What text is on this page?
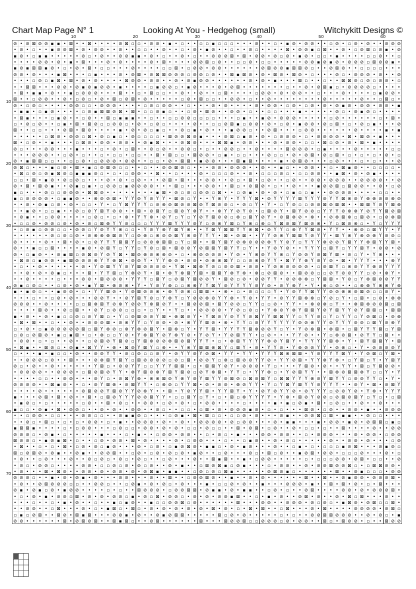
Chart Map Page N° 1	Looking At You - Hedgehog (small)	Witchykitt Designs ©
10	20	30	40	50	60
10
20
30
40
50
60
70
⊘ • ⊘ ⊠ ⊘ ⊘ ▪ ▪ • ⊠ • • ⊠ • • • • ⊘ ⊠ ▫ ▫ • ⊘ ⊘ • ▪ • ▫ • • ▫ ▫ ▪ ▫ ▫ ▫ • • • ⊘ • • ▫ • ▪ ⊘ • ⊘ ⊘ • • ▫ ⊘ • ▫ ⊘ • ⊘ • • ⊘ ⊘ ⊘
• ⊘ • ▫ • • ▪ ⊘ ⊘ ⊠ • ⊘ • ⊘ ⊘ • • ⊘ • • ▫ ▫ • • ⊘ • • ▫ • ⊘ • ▪ ⊘ • • ▫ • • ⊘ ▫ • • • • ⊠ • ⊘ ⊘ ▪ ▫ ⊠ • • ⊘ • ▫ ⊘ ⊠ ▫ ⊘ ▪ • ⊘
▪ ⊘ • ▫ ▪ ▪ • • • • • ⊘ ▫ • ⊘ • • ⊘ ⊘ ▪ ▪ • ⊘ • ▫ • • ⊘ • ▫ • • ⊘ ⊘ ⊘ ⊠ • ⊠ • ⊘ ⊘ • ⊘ ▫ ⊘ • ▪ ⊘ • ▫ ▫ • ▪ • • • • ▫ ▫ ⊘ • • ▫
• • • • ⊘ ⊘ • ⊘ • ▪ • ⊠ • • • ⊘ • ⊘ • • • • ⊘ • ⊠ • • • • ⊘ ⊘ ⊠ ▫ ⊘ • • ▫ ▫ ⊘ • ▫ ▫ • • • • • ⊘ ⊘ ▪ ⊘ ▪ ⊘ • ⊘ ⊘ ⊘ ▫ ⊠ ⊘ ⊘ ▪ •
▪ ⊘ ▪ ⊠ ⊠ ▪ ⊘ • ▫ • ⊘ • ⊠ • ▫ ▫ • • • ⊘ • • • • ▫ ▫ ⊠ • ▫ ⊘ ⊘ • ⊘ ⊘ • • • • • • ⊘ ⊠ ⊘ ⊘ ▪ ⊠ ⊠ ⊘ ▫ • • ⊘ ⊠ ⊘ • • ▫ ▫ ▫ ▫ • • •
⊘ ⊘ • ⊘ • • • ▪ ⊠ • • • ▫ ▪ • • • ⊘ • ⊘ ⊠ • ⊘ ⊠ ⊠ ⊘ ⊘ ⊘ ▫ ⊘ ⊘ ▫ ⊘ • • ⊠ ▪ ⊠ ⊘ • ⊘ • ⊠ ⊘ • ⊠ ⊘ • ▫ • • • ⊘ ▫ • ⊘ ⊘ ⊘ • ⊘ • • ⊘
• • • ▫ ⊘ ▫ ▪ ⊠ • ⊠ • ⊘ • ⊘ • • • • ⊠ ⊘ ⊘ • ⊘ ⊘ • • ⊘ • ⊘ ▪ ⊘ ⊘ • • • • • • ⊘ • ⊘ • ▪ • • • ⊠ ▫ • • ▫ • • ⊠ ⊠ ⊘ ▫ ⊘ ▫ ⊘ ⊘ • ▫
• • ⊠ ⊠ • • • ⊘ ⊘ • ⊘ ▪ ⊘ ▪ ⊘ ⊘ • ▪ • • • • ▫ ▪ ⊘ ⊘ ▫ • ▪ ⊘ • • • ⊘ • ⊘ ⊠ • • • • • • • ▫ • • ⊘ • ⊘ ⊠ ▪ ▫ • ⊘ ⊘ ⊘ ⊘ ▫ • • • •
• ⊠ • ▪ ▪ • ⊘ • • ▪ ▫ ⊘ ⊘ ⊘ • • • ⊠ • • ▫ • ⊠ ▫ ▫ • • ⊘ • • ⊘ • • ▫ ⊠ • • • • ▫ ⊘ ⊘ • ⊘ • ⊘ ⊘ • • ▫ • • • ⊘ • • • • ▫ ▪ ⊘ ⊘ •
⊠ • • ▫ ⊘ ⊘ • • ⊘ • ▫ ⊘ ▫ • ⊘ • ⊠ ▫ ⊘ ⊠ • ⊘ • • • • • ▫ ⊘ • ⊠ ▫ ▫ • • ⊘ ⊘ • ▫ • • ⊘ • • • • • • • • ⊘ • • • • • ⊘ • • ▫ ⊠ ▫ •
⊘ • ▫ ⊘ ▫ • • • • ⊘ ⊘ ▫ ▫ • ⊘ ⊘ ⊘ • • • • ▫ ⊘ ▫ ⊘ ⊘ • • ▫ • • • ⊘ • ⊘ • • • • ⊘ • ⊘ ⊘ • ▫ ⊘ • ▫ ⊘ • ⊘ • ⊘ ▪ ⊘ • ⊘ ⊘ • ⊘ ⊘ • ▪
• ▪ ▪ • ▫ ▪ ⊘ • • • • ▫ ⊘ ▪ ⊠ ⊠ ⊘ ⊠ • ⊠ • ▫ ▫ ⊘ ▪ ▫ • • ▫ ⊘ • ⊠ ⊘ • • ⊘ ⊘ • ▫ • • ▫ ▫ • • • ▪ • • • • • ⊘ ▫ • ⊘ ▪ ⊘ ▫ • • • •
• ⊠ ▪ • • • ▫ ▪ ⊘ • • ▫ ⊘ • • ⊠ ▫ ▪ ▪ ▪ • • ▫ • • ▫ ▫ ⊘ ⊘ ▫ ▫ ▫ ▫ • • • ▫ ▪ • • ▪ ⊘ • ⊘ ⊘ ⊘ • • • • • ▫ ⊘ • • • • • • ▫ • ⊠ •
▫ • ⊘ ▫ ⊘ • • ▫ ▪ • ⊠ • ⊠ ⊘ ▫ ▫ ⊘ ⊘ ▫ • ⊘ • ▫ ⊘ ▫ • • • • ⊘ • • ▫ ▫ ⊘ ⊠ ▪ ▫ ⊘ ⊘ • ⊘ • ▫ ⊘ • ▪ ⊘ ⊘ • ⊘ ▫ ⊠ • ▫ • ⊘ ▫ ▪ • • • ⊘
⊠ • • ▫ ▫ • • • ⊘ ⊠ • ⊠ ⊘ • • • • ▪ • ⊘ • ⊘ ▫ ▪ ▫ • • ⊘ ▫ ▪ • ⊘ • • • ▪ ⊘ ⊘ ▫ • • ⊘ ⊠ • • • ▫ ⊘ ⊘ • • • • • • ⊘ • • • • ▪ • ▪
• • • • • ▫ ⊠ ⊘ • ⊘ ⊘ ▫ ⊠ • ⊘ ▫ ▪ ▫ • ⊘ ▫ ▫ ▫ ▫ • ⊠ ⊘ ⊘ ⊠ ⊘ ▪ • • • ⊘ ⊠ ▫ ▪ ⊘ • ⊘ • ▫ ⊘ ⊘ ⊘ • ▫ • ⊘ ⊘ ⊘ ⊘ • ⊠ • ⊠ ⊘ • ▪ • • •
⊠ • ▫ ⊘ • • ▪ • • • ▫ ⊠ ⊘ • ⊘ ⊘ • ⊘ ⊘ • • ⊘ ▪ ⊠ • • • ⊘ ⊠ ⊘ • • • ⊠ ⊠ ▪ • ⊘ ⊘ • • • ⊘ • ⊘ ⊘ • ▫ ▫ • ⊠ ▫ ⊘ • ⊘ • ⊠ • ▪ • • • •
⊘ ▫ • • • ⊘ ⊘ • • • ▪ • • • ▫ • ⊘ • ▫ ⊠ • • ⊘ ▫ ⊘ • • ⊘ ⊘ ▫ • ▫ • • ⊘ ⊘ ▫ • • ⊘ • • • • ⊠ ⊘ ⊘ ⊘ • ▫ ▪ • • • • ⊘ • • • • • ▫ ▫
• • • ⊘ ⊘ ⊘ • • ▫ ⊘ • ▫ • • ▫ • ▫ ▫ • ▫ ▫ • • ⊠ • ⊠ ▫ ▫ • ⊠ ⊘ ⊘ • ▫ ▪ • ▫ ▫ • • • ⊘ ▫ ▫ • ⊘ • ⊘ ⊠ • ⊘ ▫ ⊠ • ▫ • ▫ • ▫ • ⊘ • ▫
⊘ • ▪ ⊠ ⊠ ▫ ▫ • • ▫ ▫ ⊘ • ▫ ⊘ ⊘ ⊘ • ⊘ ⊘ • • ▫ ▫ • ⊘ • ⊠ ⊠ • ▪ ⊘ ⊘ • • • ⊠ ▪ ⊠ • • • • ▪ • ⊘ ⊠ ⊘ • • • ▫ ⊘ • • • ▫ • ▫ • • • ⊘
⊘ ⊠ ▫ • • • ▪ ▫ ⊘ • ⊠ • ▪ ▫ ⊘ ⊠ ⊘ ▫ ▫ • • ▫ • • ⊘ ⊘ ⊠ ⊘ ▫ • • • ⊘ ⊘ • ⊘ ⊘ ⊘ • • ⊘ • • ▪ ▫ • • ⊘ ⊘ • • ▫ • ⊠ ▪ ⊘ • • ▫ ▫ ▫ ▫ •
• ⊠ ▫ ⊘ ▫ ⊘ ▪ ⊠ ⊘ ▫ ▪ ▪ ▪ ⊘ ▫ • ▫ • ▫ ⊘ ⊘ • • ⊠ • • ▫ • • • ⊘ • ▫ ▫ ▫ ⊘ • • ⊘ • ▫ ▫ ▫ ⊘ ▫ • ▫ ▫ ⊘ ⊘ • • ▪ ⊠ • ⊘ • ⊘ ▪ • • • •
▫ ▫ • ⊠ • ▪ ⊘ • ⊘ ▫ ⊘ ▫ • • • ⊘ • ⊘ • ▫ ⊘ • • • ⊘ ⊠ • ⊠ • • • ⊘ ⊘ • • ⊘ ▫ • ⊠ • ▫ ⊘ • • ▫ ⊘ • • ⊘ ⊘ • ⊘ ⊘ ⊘ • • ⊘ ⊘ ⊘ ⊘ • • ⊘
⊘ • ⊠ • ⊠ ⊘ ▪ • • ⊘ ▪ ▫ ▪ • ▫ ⊘ ⊘ ▫ ▪ ⊘ ⊘ ⊘ ⊘ • • • ⊠ ▫ • • • ⊘ ⊘ • • ⊠ ▫ • ⊘ ⊠ ⊘ • ▫ • • ⊘ • • • ▪ ⊘ ⊘ ⊠ ▫ ⊠ ⊘ ⊘ • • ⊘ • ▫ ⊘
▪ ▫ • • • ⊘ ▫ ▫ ⊘ ⊘ ⊘ • ⊠ ⊠ ⊘ • • • • • • • • ▪ ⊠ • ⊘ ▫ ⊘ ▫ ⊘ ⊘ ▫ ⊠ • • ▫ ⊘ ▪ • ⊘ • ⊘ • ▫ ▪ ▫ ▫ ▪ • • ⊘ ⊘ ⊘ ⊘ • • • • ▫ ▫ • •
▪ ▫ ⊘ ⊘ ⊘ ⊘ • ▫ ▪ ▪ ⊘ • • ⊗ ⊘ ⊘ ⊠ • Y Y ⊘ Y ⊘ Y Y • ⊠ ⊘ ▫ Y • • Y ⊗ Y • Y Y Y ⊠ • ⊘ Y Y Y Y ⊠ Y Y Y ⊘ Y Y ⊠ ⊗ ⊘ Y ⊗ ⊗ ⊘ ⊘ ⊗ ⊘
• • ⊘ • ⊘ ▪ ▫ ⊘ • ⊘ • ▫ ▫ • Y • ▫ Y ⊠ Y Y Y ▫ ⊘ ⊗ ⊘ ⊠ ⊘ ⊘ ⊠ ⊘ Y ⊠ ⊘ ⊘ ▫ • ⊘ ▫ Y • Y • ▫ Y ⊘ ▫ ▫ ⊘ ⊘ ⊠ ⊘ ⊠ ⊠ • • ⊠ ⊠ Y ⊘ Y ⊠ ⊗
• • ▪ ⊘ • ▫ ▫ ▪ • • ⊘ ▫ ⊘ Y ⊠ Y ⊘ ⊘ • • ⊠ • ⊘ ⊠ Y ▫ ⊠ ⊘ Y ⊗ Y • • ⊗ Y Y ⊘ Y ⊘ • ▫ ⊠ ⊘ Y • ⊠ Y ⊘ ⊘ ▫ Y Y Y ⊘ ⊗ ⊗ Y ⊘ Y Y ⊠ ⊘ ⊠
• ⊘ ▪ • • ▫ ⊘ ⊘ • • • • ▫ ⊘ ▫ • ▫ • ⊗ • Y Y ⊗ • ⊘ Y ▫ Y ▫ Y ⊘ Y ⊠ ⊘ ⊘ ▫ ⊗ ▫ ⊠ Y ⊘ Y • ⊘ ⊠ ⊗ ⊘ • ⊗ • • ⊘ ⊗ ⊠ ⊗ ▫ ⊠ ⊘ • ▫ ⊘ ⊗ ⊠
• ▫ ▫ ⊘ • ⊘ ⊘ ▫ ⊘ • ⊘ • ⊘ ▫ ⊠ ⊗ Y Y ⊘ ▫ ▫ ▫ Y Y Y ⊠ Y Y Y ⊘ Y ▫ ⊘ ⊗ Y ⊠ ▫ Y ⊗ ▫ ⊗ ▫ Y ⊠ ⊘ ⊠ Y ⊠ ⊘ ⊗ • Y ▫ ⊠ ⊘ ⊗ ▫ • Y ▫ Y Y Y
• ▫ ⊘ ▪ ▫ ⊘ ⊘ ▫ ▫ • ⊘ ⊘ ▫ Y ⊘ Y Y ⊗ ▫ ▫ • Y ⊘ Y ⊗ Y ⊠ Y ⊗ • • Y ⊠ Y ⊠ ⊠ Y Y ⊗ ⊠ • ⊘ Y Y ▫ ⊗ Y Y ⊠ ⊘ • Y Y • • ⊗ ⊘ ▫ ⊠ Y Y • Y
• • • • • • ⊘ ▫ ⊘ ▫ ⊘ • ⊘ ⊗ ⊗ ⊗ ⊠ ⊘ Y ▫ ⊘ ⊗ ▫ ⊗ ⊘ ⊘ ⊠ Y ⊗ ⊘ Y Y Y • ⊠ • ⊘ ⊠ • • Y Y ⊘ ⊗ Y ⊠ ⊠ Y ⊘ Y Y • ⊠ Y ⊗ Y ⊗ ⊘ ⊗ Y ⊘ ⊘ ▫
⊘ • • • • ⊘ • • ⊠ • ⊘ • ▫ ⊘ Y Y Y ⊠ ⊠ Y ▫ ⊘ ⊘ ⊗ ⊠ ⊠ ▫ Y ▫ ⊠ • • ⊠ Y ⊠ Y ⊘ ⊗ ⊘ ⊘ ⊘ ⊗ Y Y ⊘ Y ▫ Y Y Y ⊗ ⊘ ⊘ Y ⊠ Y Y ⊗ ⊠ Y Y ⊠ •
⊘ • • ▪ ▫ ▫ ⊠ • • • • ▪ ⊘ • ⊘ ⊠ Y ▫ Y Y ▫ Y ⊘ ▫ ⊠ • ⊠ ⊘ ⊘ Y ⊘ ⊠ ⊠ Y ⊠ Y Y ▫ Y • • Y ⊘ Y ⊘ • • Y Y Y ▫ ⊠ Y ▫ Y Y ⊠ Y • ⊘ ⊘ • ⊘
⊘ • ▫ ▪ ⊘ • • ⊘ ▪ ⊠ ▫ ⊘ ⊠ ⊘ Y ⊘ Y ⊠ • ⊠ ⊘ ⊗ ⊘ ⊗ ⊗ ⊘ • ▫ • ⊗ ⊘ ⊘ ⊘ ⊘ • Y ⊘ • Y ⊗ ⊘ Y Y ⊗ ▫ Y ⊘ ⊘ Y ⊘ ⊠ Y ⊠ • ⊘ ▫ Y • Y ⊗ • • •
• ⊠ ⊘ ▫ ▪ ⊘ ⊘ • ▪ ⊠ ⊘ ⊘ ⊘ ⊗ Y Y ⊗ ⊠ • ⊘ ⊘ Y • Y Y ⊗ ⊘ • ⊘ ⊘ • ⊘ ⊗ ⊗ ⊠ Y ▫ ▫ ⊘ ⊗ ⊘ Y Y • ⊠ Y Y ⊗ Y ⊘ Y ⊘ • ⊠ • Y Y Y • • • ⊗ Y
• ▫ • • ⊘ • • • • • • ⊘ • Y ⊘ ⊠ Y Y ⊘ Y ⊠ ⊘ ⊘ ⊘ ⊘ • Y ⊠ • ⊠ ⊗ Y ⊘ ▫ ⊘ ⊘ ⊠ • ⊘ ⊘ • Y ⊘ ⊗ ⊘ ⊘ ⊘ ⊘ • ▫ ⊘ ⊠ Y ▫ ⊗ ⊘ Y Y ⊗ ⊘ Y Y Y
• • ⊘ • ⊘ • ⊘ ▪ ▫ • • • ⊠ • Y Y ⊠ ▫ Y ⊗ ⊘ Y • ⊠ • ⊗ Y ⊗ ⊠ Y ⊠ • ⊠ ⊠ Y ⊗ Y ⊗ • ⊗ ▫ ⊘ ⊠ ⊘ • • ⊠ ⊘ ⊘ ▫ ▫ ⊘ Y ⊘ ⊘ Y Y ▫ ⊘ • ⊗ Y •
• • ⊘ • • • • ▫ • • • ⊘ ⊘ • ⊠ ⊘ ⊘ ⊘ • Y Y Y ▫ ⊠ Y ▫ ⊘ ⊠ Y ⊠ ⊘ ⊘ Y • ⊠ ⊘ ▫ ⊘ • ⊘ ⊘ Y Y • ⊘ ⊘ ⊗ ⊗ ▫ Y ⊠ ⊠ • Y ⊘ ▫ Y ⊗ ⊠ ⊘ ⊘ Y Y
⊘ ▪ ▫ ⊘ ▫ • • ▫ ⊘ • ⊘ • ▪ Y ⊠ • ⊗ ⊘ ⊗ • Y • Y ⊘ Y ⊗ ▫ ▫ ⊗ ⊗ Y Y ⊠ Y ⊘ Y Y Y Y ⊘ Y ⊘ • ⊘ Y ⊗ Y • Y • ⊗ ▫ ⊘ • • ▫ ⊗ ⊗ Y ⊗ ⊗ Y ⊗
▪ • ▪ ⊘ ▫ • • ▪ ⊘ ⊘ • ▫ • Y Y ⊠ ⊘ • Y ⊘ ⊠ ⊘ ⊘ ⊗ • ⊗ Y ⊘ ⊗ ▫ ⊠ ⊠ • • ⊗ • ▫ • ⊘ ▫ ▫ ▫ Y • Y ⊘ Y Y ⊠ Y Y ⊘ ⊘ ⊗ ⊗ ⊘ ⊠ ⊘ ▫ ▫ ⊘ Y •
• • • ▫ • • ▫ ⊘ • ⊘ • • • ⊘ ⊘ Y • • ⊘ Y ⊠ Y ⊘ ▫ Y ⊗ Y ▫ Y ⊘ ⊘ ⊗ ⊘ Y Y ⊗ • Y ⊘ • Y Y • ⊘ Y Y ⊠ ⊗ ⊗ ▫ Y ⊘ ▫ Y • ▫ ⊠ • ▫ ⊘ • ⊗ ⊗
⊘ ⊘ ⊘ • • ⊘ • • • • ▫ ▫ ⊠ ⊗ ⊠ Y ⊘ ⊗ Y ⊘ ⊘ Y ⊗ ⊠ ⊘ Y • • ⊠ ⊘ ⊘ ⊠ • ⊠ Y ⊘ ⊘ ▫ Y Y ▫ ▫ ⊘ • Y Y • • ⊗ ⊘ ⊗ ▫ Y • • ⊗ ⊠ ⊗ ⊘ ⊘ ⊠ ▫ ⊠
• • • • ⊠ ⊘ • • ⊘ ▫ ⊠ • • ⊘ Y ▫ ⊘ ⊘ ▫ ▫ ▫ • ▫ Y • • Y ▫ • • ⊘ ⊘ ⊘ ⊘ • Y ⊘ ▫ ⊘ ▫ • Y ⊗ ⊘ Y ⊗ Y ⊠ ⊠ Y ⊘ Y ⊠ Y Y ⊘ Y ⊠ ⊠ ▫ • ⊠ ⊠
▪ • ⊘ • • ⊘ • ▪ ▫ ▫ ⊘ ▫ ⊘ Y ⊠ ▫ • Y ▫ ⊘ ⊠ ⊘ ⊘ Y ⊠ • ⊗ ⊠ ⊘ Y • Y ⊠ ⊘ Y ⊘ Y Y ⊘ ⊠ Y Y ⊠ ⊠ Y Y ▫ Y Y ⊘ ▫ Y ▫ Y Y ▫ Y ⊘ ⊠ ▫ • ⊘ ⊗
• ⊠ • ⊠ • • ▫ • • ⊘ • • ⊘ ⊘ ⊘ ⊠ • ⊘ ⊗ Y Y ▫ Y ⊘ ⊘ • ⊘ • ⊗ Y Y ⊠ ⊘ • ⊗ • Y Y ▫ ⊘ Y Y Y Y Y Y ⊘ ⊘ ⊗ Y Y ⊘ Y Y Y ⊘ ⊘ ▫ ⊠ Y ⊘ ⊗ Y
▫ • ⊘ • ▫ ▪ ⊘ ⊘ ⊘ ⊘ ⊘ ⊠ ▫ ⊠ Y ⊗ ⊘ ▫ ⊗ Y ⊗ ⊘ ⊠ Y • ⊠ ⊗ ▫ Y • Y Y ⊠ • Y Y Y Y ⊠ ⊗ ⊘ ⊘ Y ▫ Y • Y ⊘ ⊗ ⊠ • ⊗ ⊠ • ▫ ⊠ Y Y Y ⊠ ▫ Y ⊠
▫ ⊘ ▫ ⊘ ⊠ ⊘ • ▪ ▫ ▪ ⊠ • ▫ • ⊗ ▫ ▫ Y ⊘ • Y ⊗ ⊠ Y ⊘ Y ⊗ Y ⊘ • Y ⊘ Y • Y ⊘ ⊠ Y Y • ▫ ⊘ • • • Y Y ⊘ • • Y ▫ ⊗ ⊘ ⊠ • ⊘ Y Y ▫ ⊠ • •
• ⊘ ⊘ • ▫ • ▫ • • ⊘ • • ▫ ⊘ ⊠ ⊘ Y ⊠ ⊘ ▫ Y ⊠ ⊗ ⊘ ⊘ ⊗ ⊠ ⊘ ⊠ Y Y Y • ▫ • ⊗ ⊠ Y Y Y Y ⊗ ⊘ Y ⊠ Y • Y Y Y Y ⊠ ⊗ • Y • ⊠ Y ⊠ ⊠ Y • ⊠
• ⊠ ▪ • • ⊠ ⊘ ▫ • ⊘ ▪ • ⊠ Y Y • ⊗ • ⊠ ⊘ Y ⊠ Y ▫ ⊗ • • Y ⊗ Y ⊠ ⊠ ⊗ ⊠ Y ▫ ⊠ Y • ⊘ • Y Y ⊘ • Y ⊗ ⊘ ⊘ Y Y • ⊘ ⊗ ▫ • Y • ⊘ ⊘ ⊘ ⊘ Y
▫ • • • ▪ • ▪ ▫ ▫ • ⊘ • • ⊘ ⊘ Y Y • ⊘ ▫ ⊘ ▫ ▫ ⊘ Y • ⊘ Y Y ⊘ Y ⊘ ⊠ • Y Y • Y Y • Y Y Y ⊠ ⊗ ⊠ ⊠ • Y ⊘ Y Y Y ⊠ Y • Y ⊘ ⊠ ▫ Y ⊠ •
• • ⊘ ⊘ ⊘ ▫ ⊘ • • ⊠ • • • ⊘ ⊗ ⊠ Y ⊠ Y ▫ ⊠ ⊘ ⊘ ⊘ ⊘ ▫ ⊘ ▫ ⊠ • ⊘ ⊘ Y ▫ ⊗ ▫ ⊠ ⊘ ⊘ Y Y ⊘ • Y Y ⊘ ⊠ • Y Y ⊗ Y ⊗ • ▫ Y ⊠ ▫ Y • Y ⊠ Y
⊘ ▫ • ⊘ • • ⊘ • • • • • • Y ⊠ ▫ • ⊘ ⊘ Y Y ▫ ▫ Y Y Y ⊠ ⊠ • ▫ • ⊠ ⊠ Y ⊘ Y • ⊘ ⊘ ⊘ • Y ▫ • • • Y ⊠ ⊘ • ⊘ • • Y Y • ⊠ ▫ Y ⊠ ⊘ ⊘ •
• ⊘ ⊘ ⊘ ⊘ • • ⊘ ⊘ ⊘ • ▫ ⊠ ⊘ ⊠ ⊘ Y Y • ⊗ Y ⊠ ⊘ ⊗ Y ⊠ Y ⊠ ⊘ ▫ ⊘ Y ⊗ ⊠ • Y Y ▫ • Y Y ⊗ ▫ • Y ⊘ ⊠ Y Y • • ⊠ ⊗ ⊘ ⊠ ⊠ ⊗ Y ▫ ▫ Y • Y
• • • • ▫ ▫ • • ⊘ ⊘ • • • ⊘ Y ▫ • ⊘ ⊠ Y ⊗ • ⊗ ⊗ ⊠ ⊘ Y ⊗ Y ⊘ Y ⊠ Y Y ⊘ ⊠ ⊘ ▫ ⊠ ⊘ ⊠ Y ▫ ⊠ ⊠ Y Y Y ⊗ ⊘ Y ⊠ Y Y ▫ ⊘ ⊘ Y Y ▫ • Y •
⊘ ⊘ ⊘ ⊘ • • ⊠ ▪ ⊘ • • ▫ • ⊘ Y ⊠ ⊗ • ⊘ ⊠ Y Y • ▫ ⊗ ⊘ ▫ Y Y ⊠ • ⊘ • ⊘ ⊘ • ⊗ ⊘ Y Y • Y ▫ Y ⊠ Y ⊠ Y Y ⊘ Y Y Y • • ⊘ Y • ⊠ • ⊘ ⊠ Y
• • • • ⊘ • • • • • • ⊘ ⊠ ⊘ ⊘ Y ⊠ ⊘ Y Y ⊘ ⊗ Y • • ⊠ • Y ⊘ Y Y ⊠ • Y Y ⊠ Y • Y • ⊘ Y ⊘ Y Y ⊘ • ⊘ Y Y Y ▫ ⊘ ⊘ Y ⊘ • Y ⊗ • Y Y Y
▪ • • • ⊘ ⊠ • ⊠ • ⊘ • • ⊠ • ▫ ⊠ ⊘ Y Y Y ⊘ ⊘ ⊠ Y Y • ▫ ▫ ⊠ Y ▫ Y • ▫ • ⊠ ▫ ⊗ Y Y Y Y • Y ⊗ • ⊠ ⊘ Y ⊘ ⊘ ▫ ⊘ ⊠ ⊘ ⊠ Y ▫ Y ▫ • ▫ ⊠
• ▪ ⊘ ▫ • ▫ • • • • • ▫ ⊘ • • ⊠ • ⊘ ▫ • • ⊘ ⊘ • ▫ ⊘ • ⊘ • ▫ • ⊘ ⊘ • • • • ▫ • • • • ▪ • ▪ ▫ ⊘ ▪ • ⊠ • ▫ ⊘ ▫ • • ⊘ • • ⊘ • • •
▪ ▫ ▫ • ⊘ ▪ • ⊠ • ⊘ ⊘ ▫ • • ⊘ • ⊘ • • ⊘ ⊘ • • ⊘ ▫ • • ▫ ▫ • ▫ ⊠ • ⊘ • ⊘ ⊘ ⊘ ▪ ⊘ • ▫ • ▫ • • • ⊠ ⊘ • ▫ ⊘ • • ⊘ ⊘ • ▪ • • ⊘ ⊘ ⊘
• • ▫ ⊘ ⊘ • ▫ ▫ • • • ⊘ ⊘ ▫ ▫ • • ⊘ ▪ ▪ ⊘ ▫ • • • ▫ ⊘ ▪ • ⊠ • ⊠ ▫ ▫ • ▫ ▫ ⊘ • ⊘ • • • ⊘ ▪ • • ⊘ ⊘ ⊠ ▫ ⊠ • ▪ ▪ • • ⊘ ▫ ▫ • • •
• • ⊘ ▫ • ⊠ ▫ • ▫ • ▫ • ⊘ ⊘ • ▫ • ▪ • • ⊘ ⊘ ⊘ • ⊘ • • ⊘ • • ⊘ ⊘ ⊘ ⊘ • ⊘ ▫ ⊘ ⊘ • • • ⊘ • ▪ ▪ • • • ▪ • ⊘ ⊘ • ▪ ⊘ • ⊘ ⊠ ⊠ ▫ ▪ ▫
▪ ⊠ ⊠ ▪ • • • • ▫ • ▫ ⊘ ⊘ • • • ▫ ⊘ ▫ ▫ • ⊘ ⊘ • ⊘ • ⊘ • ▫ ▫ • ⊘ ▫ ▫ • • ⊠ • ⊘ ⊠ • ▫ ⊘ • • ⊘ • ▫ ▫ • ▫ • • ⊠ • • • • ⊘ • • ⊘ ⊘
⊘ ⊘ ⊘ ▫ • ⊘ ▪ • ▫ • • • • • ▪ • • • ▫ • ▪ • • ▫ ⊘ ⊘ • ⊘ ⊘ • • ▫ • ⊘ ▫ • ▪ • • • ⊘ ⊘ • ⊘ ⊘ • • ▫ • ⊘ ⊘ ⊘ • • • ⊘ • ⊘ ⊘ • ▫ ⊘ ⊘
⊠ ⊘ ⊘ ▫ • ▪ ⊘ ▪ ⊠ • ▫ • • ▫ ⊘ • ⊘ ⊘ • ⊠ • ⊘ • • • • ⊘ • ▫ ⊘ ⊘ • • • ▫ • • ▫ ▪ ⊘ • • ⊘ • ⊘ ▫ • • • • • ⊘ • • ⊘ ⊘ • ⊘ • • • ▫ ⊘
• ⊠ • • ▫ • ▫ • ⊠ • ▫ ⊘ • ⊘ ▫ ▪ ⊘ • • • ⊘ • ▫ ⊘ • ▫ ▪ ⊘ ⊠ ⊘ • ▪ ▪ ▫ • ⊘ • ▪ ⊘ • • • ⊘ • • ▫ ▪ • ▫ • ▫ ▫ ▫ ▪ ⊘ ⊠ • • • ⊘ ▪ ⊘ ▫
⊠ ▫ ⊘ ⊠ ⊘ • ⊘ ▪ • • ⊘ ▪ • • ⊘ ⊘ ⊠ • • ▫ ⊘ • ▫ ⊘ • ⊘ ▫ ⊘ • ▪ ⊘ • • ▫ ⊘ • • • ⊘ ▫ • ⊠ ▫ ⊘ • • ▪ ⊘ ⊠ • ⊘ ⊘ • ▫ ▫ ▫ ⊘ • • • ⊘ • ▫
• ⊘ • • ▫ ⊘ • • • ⊘ • • ⊘ ▫ ⊘ ▫ • ⊘ ▫ • ⊘ ▫ • • ▫ ⊘ • • • ⊘ • • ⊠ ▪ ⊠ • • ▪ • ▫ ⊘ ⊘ • • • • • ▫ • ▫ ▫ ▫ ⊘ ⊘ • ⊘ ⊠ • ▫ ▫ • • ⊘
• ⊘ ▫ • ⊘ ⊘ ▫ • • • • ⊘ ⊘ • ▫ ▫ ⊘ ▫ ⊘ • ⊘ ▫ ⊘ • • ⊘ • ▪ • • ▫ ⊠ ⊘ ⊠ ▪ ▫ ⊘ ▪ • • • ▫ • ⊘ ⊘ • • ⊘ • ⊘ ⊘ ⊠ ⊘ ⊘ ⊠ ▫ • ▫ ⊠ ⊠ ⊘ ⊘ •
• ⊘ • • • ⊠ • ⊠ ⊘ • • ⊘ ⊘ • ⊘ • ⊘ ⊘ • ⊘ • ⊘ ⊠ ▪ • ▪ ▪ • • ▫ ⊘ ▫ ⊘ ▫ ⊠ ▪ • • • • • ⊘ ⊠ ⊘ ▪ ▫ • • • • • • ⊠ • • ⊘ ▪ ▫ ▫ ▫ • ⊘ ⊘
⊘ ⊘ ⊘ ▫ • • ▪ • ⊘ • ⊘ ▪ • ⊘ • • • ⊘ ⊘ • • • ⊘ • • ⊠ • • ▫ ⊘ ⊘ ⊠ ⊘ • • ▪ • • ⊘ • ⊘ • • • • • • ⊠ • • ⊠ • • ⊘ ▪ ⊘ ⊘ • ⊘ ⊘ ⊘ ⊠ •
• ⊘ • • ⊘ ⊠ ⊘ ⊘ ⊘ ▫ ▫ • • ⊘ ⊘ ▫ • • ▫ ⊘ ▪ • ⊘ • ⊘ ▫ • ⊘ • • • ▪ • ▫ ▫ ⊘ • ⊘ • • ▪ • • • ⊘ ⊘ ⊘ • ▪ • • ⊠ • ⊠ • ⊘ • ▫ • ⊠ • • •
⊘ ▪ • ⊘ ▪ ▫ ⊘ • ▪ ⊘ ⊘ • • • • ▫ • ▫ • • ⊠ ⊘ ⊘ ⊘ • ▫ ⊘ ⊘ ⊠ ⊠ • ⊘ ▪ ▪ • ⊘ • ▪ ▪ • • ▫ ⊘ • ▫ • • ⊘ ⊠ • • • • ⊘ ⊘ • ⊘ • ⊘ ⊘ ⊘ ⊠ •
• ▫ • ⊘ • ▪ • ⊘ ⊘ ▫ ⊠ • ⊘ • ⊘ • ⊘ ⊘ ▫ ▪ • ⊘ ▫ ⊠ • ⊘ ⊘ ▫ • ⊘ • ⊘ • ⊘ ⊘ ▪ ⊠ • • ▫ • ▪ • ⊘ • • ⊘ ⊠ • ⊘ • • ⊘ • ⊠ ▫ ⊠ • • • ⊘ • •
• • • ▫ • • ▫ • ▪ • ⊘ • • ▫ • • ▪ ▫ ▪ ⊘ • • ▪ ▫ ▫ ⊘ ⊘ ⊠ ▫ ⊘ • • • • • • ⊠ • • • ⊘ ⊘ • • ⊘ ⊘ ⊘ • ⊘ ▫ ⊘ ▫ • ▪ ⊠ ⊘ • ⊘ ⊠ ▫ ▫ ⊠ •
• • ⊘ ⊘ • • ▫ ⊠ • • • ⊘ • ▫ • ▪ ⊠ ▫ • ⊠ ▫ • ⊘ • ⊘ • ⊘ • ⊘ • ⊘ • ⊠ • ⊘ • ▫ • ⊠ • ⊠ • • ▫ ⊠ • • • ⊘ • ⊠ • • • • ⊘ ⊘ ⊘ ⊘ • ⊘ ⊠ ▫
▫ ▪ ▫ ⊘ ⊠ • • ⊠ ⊘ • ⊠ ▪ ⊠ • • • ⊘ ⊘ ▪ • ⊘ • • ⊘ ▪ ⊘ ⊠ ⊠ • • • • • ⊠ ▫ ⊘ • ⊘ • • • • • ▫ • ▫ • • ⊘ ⊘ ⊠ ⊠ ⊘ ⊘ ⊘ • • ⊘ • ⊘ ▫ • ▪
⊘ ⊘ • • • • • • ⊠ • ⊘ ⊠ ⊘ ⊠ • • ⊠ ▪ ⊠ ▫ • • ⊘ ⊠ • • • • • • ⊠ • • • ⊠ ⊘ ⊘ ⊠ ▫ ▫ ⊘ ⊘ ⊘ ▫ ⊘ • ⊘ ⊘ • • ⊠ ▫ • ⊠ ⊘ ⊘ • ▫ • • ⊠ ⊘ ⊘
